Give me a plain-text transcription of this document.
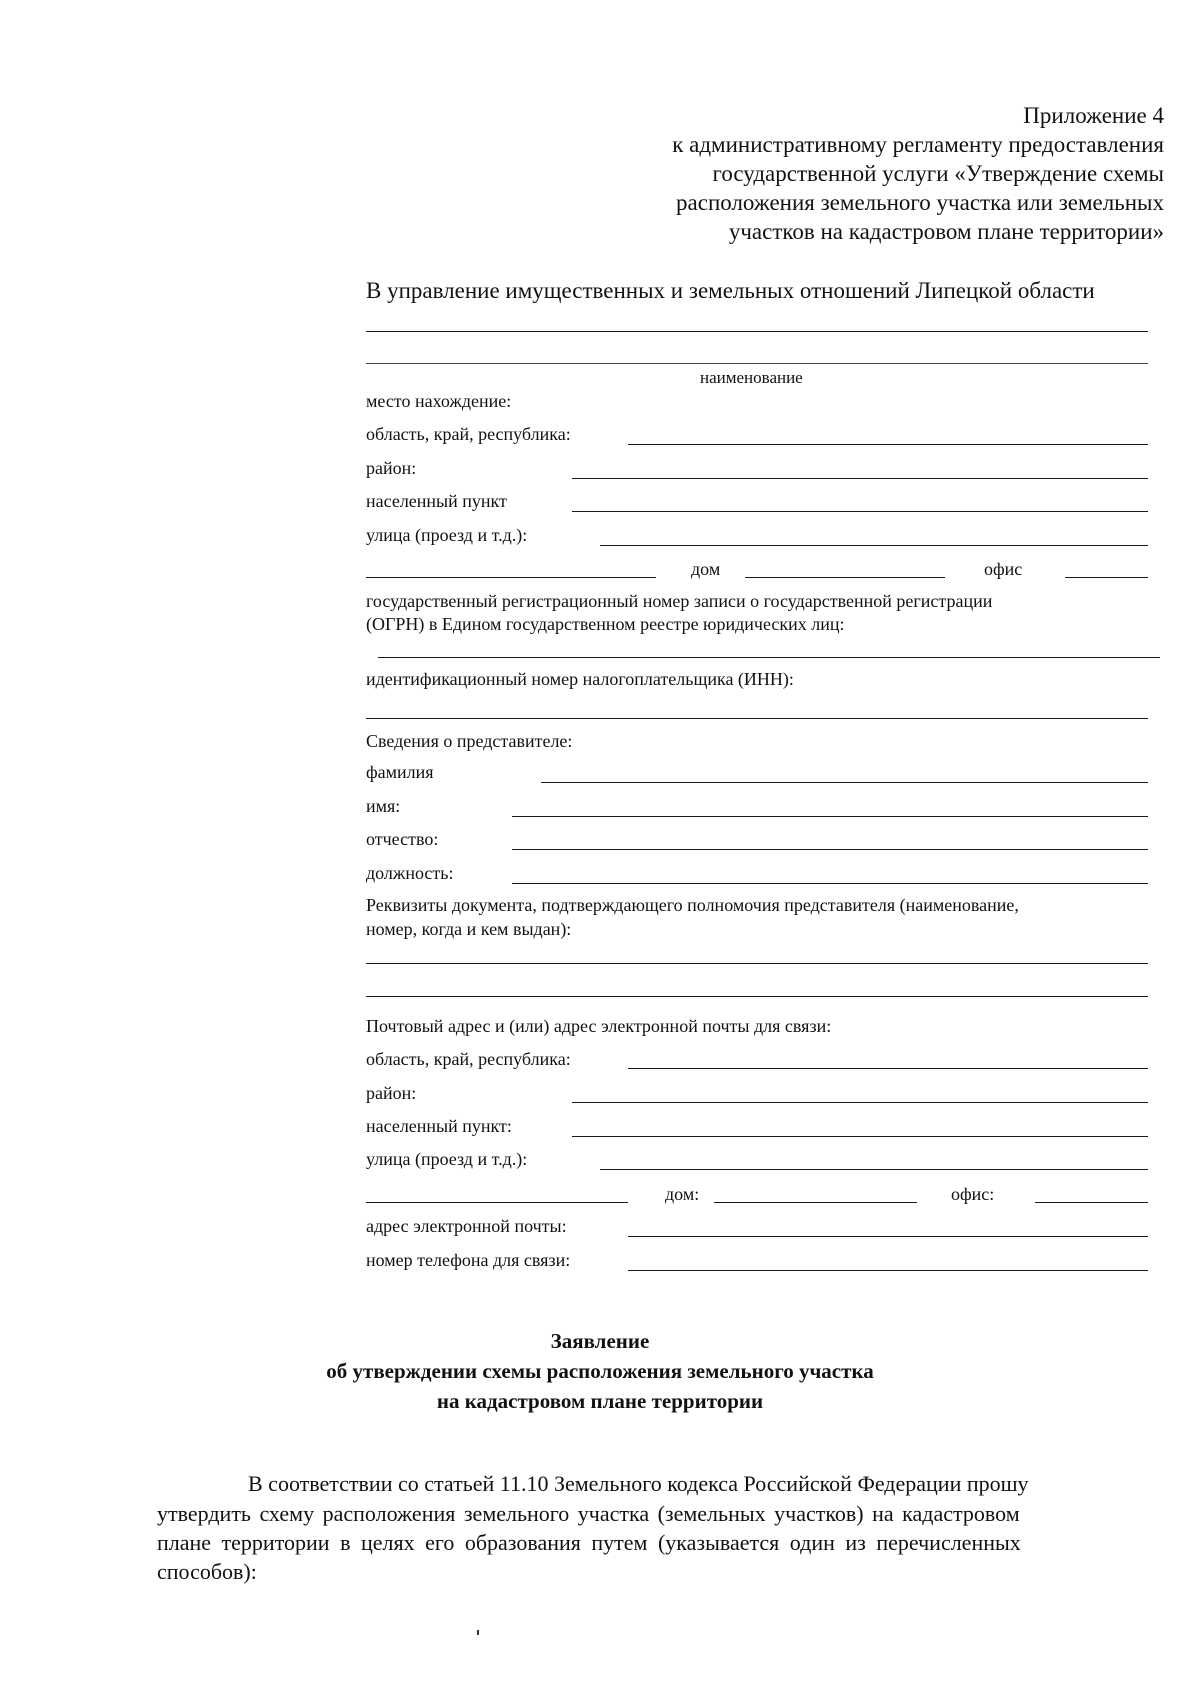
Приложение 4
к административному регламенту предоставления
государственной услуги «Утверждение схемы
расположения земельного участка или земельных
участков на кадастровом плане территории»
В управление имущественных и земельных отношений Липецкой области
наименование
место нахождение:
область, край, республика:
район:
населенный пункт
улица (проезд и т.д.):
дом	офис
государственный регистрационный номер записи о государственной регистрации
(ОГРН) в Едином государственном реестре юридических лиц:
идентификационный номер налогоплательщика (ИНН):
Сведения о представителе:
фамилия
имя:
отчество:
должность:
Реквизиты документа, подтверждающего полномочия представителя (наименование,
номер, когда и кем выдан):
Почтовый адрес и (или) адрес электронной почты для связи:
область, край, республика:
район:
населенный пункт:
улица (проезд и т.д.):
дом:	офис:
адрес электронной почты:
номер телефона для связи:
Заявление
об утверждении схемы расположения земельного участка
на кадастровом плане территории
В соответствии со статьей 11.10 Земельного кодекса Российской Федерации прошу
утвердить схему расположения земельного участка (земельных участков) на кадастровом
плане территории в целях его образования путем (указывается один из перечисленных
способов):
